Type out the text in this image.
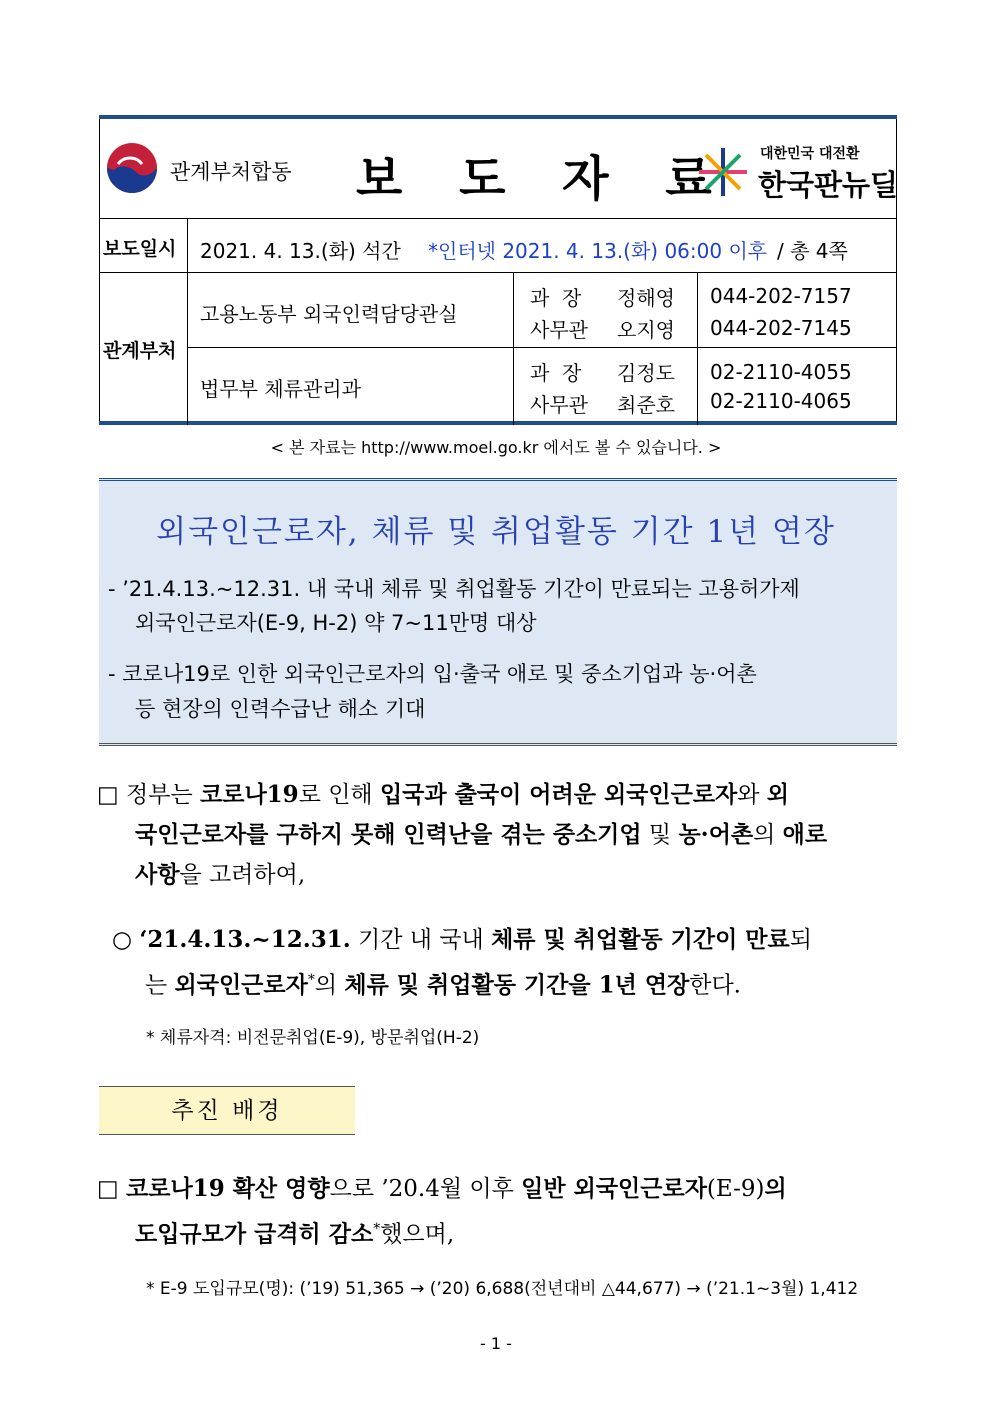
관계부처합동 보 도 자 료 대한민국 대전환
한국판뉴딜
보도일시 2021. 4. 13.(화) 석간 *인터넷 2021. 4. 13.(화) 06:00 이후 / 총 4쪽
관계부처
고용노동부 외국인력담당관실
과  장 정해영 044-202-7157
사무관 오지영 044-202-7145
법무부 체류관리과
과  장 김정도 02-2110-4055
사무관 최준호 02-2110-4065
< 본 자료는 http://www.moel.go.kr 에서도 볼 수 있습니다. >
외국인근로자, 체류 및 취업활동 기간 1년 연장
- ’21.4.13.~12.31. 내 국내 체류 및 취업활동 기간이 만료되는 고용허가제
외국인근로자(E-9, H-2) 약 7~11만명 대상
- 코로나19로 인한 외국인근로자의 입·출국 애로 및 중소기업과 농·어촌
등 현장의 인력수급난 해소 기대
□ 정부는 코로나19로 인해 입국과 출국이 어려운 외국인근로자와 외
국인근로자를 구하지 못해 인력난을 겪는 중소기업 및 농·어촌의 애로
사항을 고려하여,
○ ‘21.4.13.~12.31. 기간 내 국내 체류 및 취업활동 기간이 만료되
는 외국인근로자*의 체류 및 취업활동 기간을 1년 연장한다.
* 체류자격: 비전문취업(E-9), 방문취업(H-2)
추진 배경
□ 코로나19 확산 영향으로 ’20.4월 이후 일반 외국인근로자(E-9)의
도입규모가 급격히 감소*했으며,
* E-9 도입규모(명): (’19) 51,365 → (’20) 6,688(전년대비 △44,677) → (’21.1~3월) 1,412
- 1 -
